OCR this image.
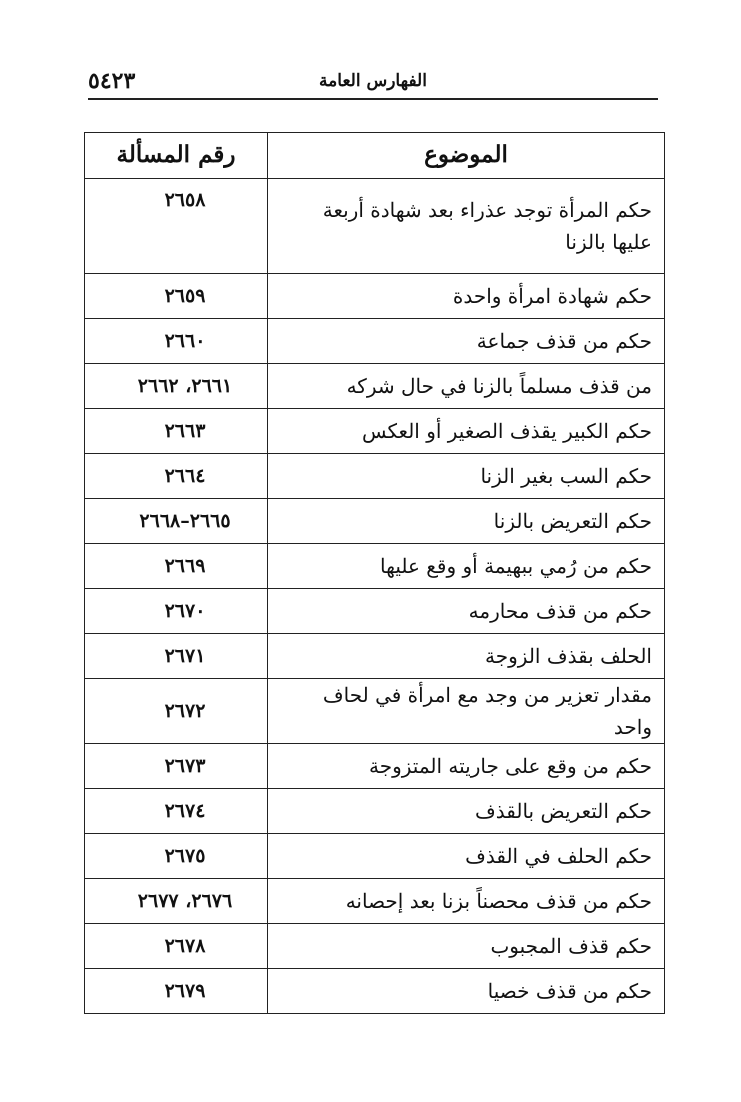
٥٤٢٣	الفهارس العامة
الموضوع	رقم المسألة
حكم المرأة توجد عذراء بعد شهادة أربعة عليها بالزنا	٢٦٥٨
حكم شهادة امرأة واحدة	٢٦٥٩
حكم من قذف جماعة	٢٦٦٠
من قذف مسلماً بالزنا في حال شركه	٢٦٦١، ٢٦٦٢
حكم الكبير يقذف الصغير أو العكس	٢٦٦٣
حكم السب بغير الزنا	٢٦٦٤
حكم التعريض بالزنا	٢٦٦٥–٢٦٦٨
حكم من رُمي ببهيمة أو وقع عليها	٢٦٦٩
حكم من قذف محارمه	٢٦٧٠
الحلف بقذف الزوجة	٢٦٧١
مقدار تعزير من وجد مع امرأة في لحاف واحد	٢٦٧٢
حكم من وقع على جاريته المتزوجة	٢٦٧٣
حكم التعريض بالقذف	٢٦٧٤
حكم الحلف في القذف	٢٦٧٥
حكم من قذف محصناً بزنا بعد إحصانه	٢٦٧٦، ٢٦٧٧
حكم قذف المجبوب	٢٦٧٨
حكم من قذف خصيا	٢٦٧٩
